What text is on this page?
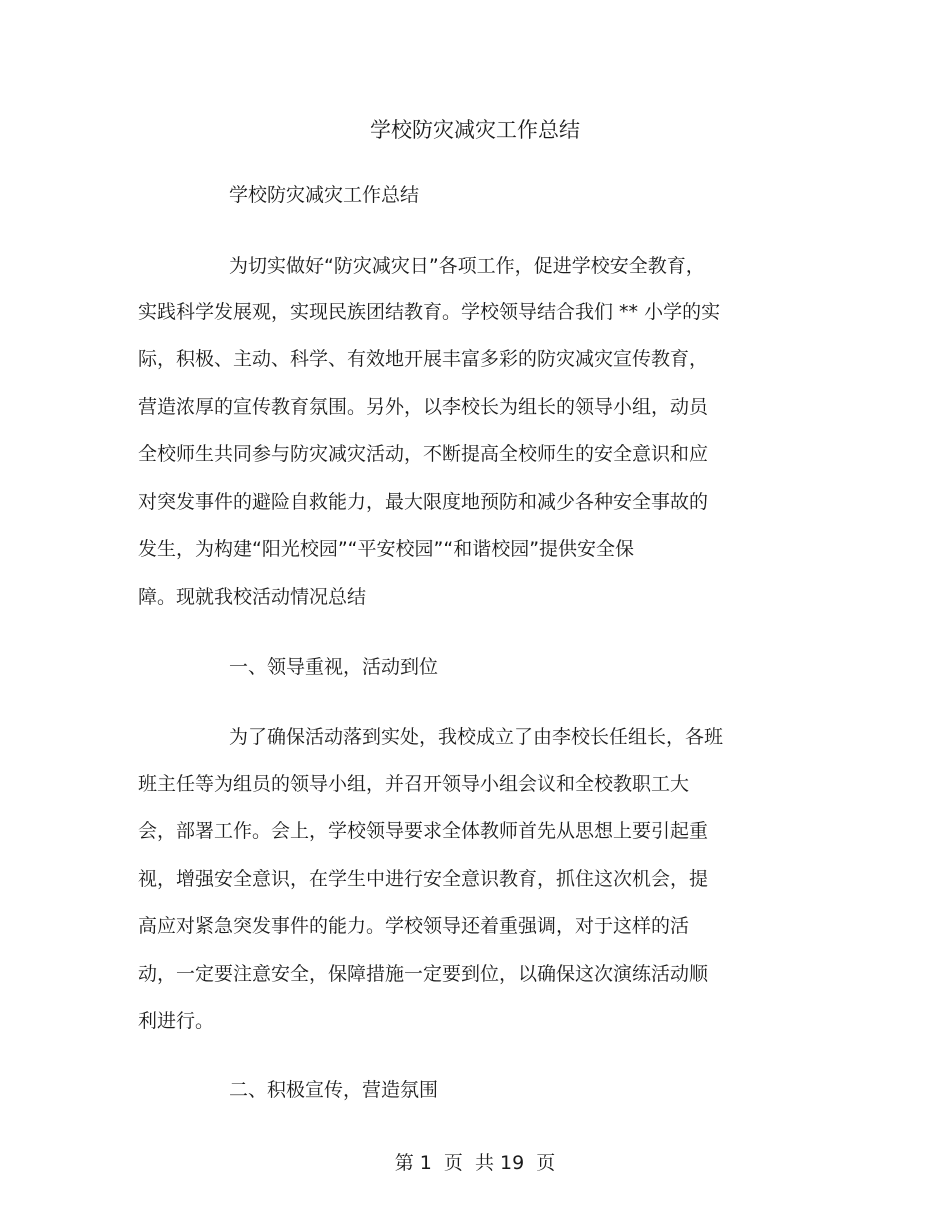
学校防灾减灾工作总结
学校防灾减灾工作总结
为切实做好“防灾减灾日”各项工作，促进学校安全教育，
实践科学发展观，实现民族团结教育。学校领导结合我们 ** 小学的实
际，积极、主动、科学、有效地开展丰富多彩的防灾减灾宣传教育，
营造浓厚的宣传教育氛围。另外，以李校长为组长的领导小组，动员
全校师生共同参与防灾减灾活动，不断提高全校师生的安全意识和应
对突发事件的避险自救能力，最大限度地预防和减少各种安全事故的
发生，为构建“阳光校园”“平安校园”“和谐校园”提供安全保
障。现就我校活动情况总结
一、领导重视，活动到位
为了确保活动落到实处，我校成立了由李校长任组长，各班
班主任等为组员的领导小组，并召开领导小组会议和全校教职工大
会，部署工作。会上，学校领导要求全体教师首先从思想上要引起重
视，增强安全意识，在学生中进行安全意识教育，抓住这次机会，提
高应对紧急突发事件的能力。学校领导还着重强调，对于这样的活
动，一定要注意安全，保障措施一定要到位，以确保这次演练活动顺
利进行。
二、积极宣传，营造氛围
第 1  页  共 19  页
